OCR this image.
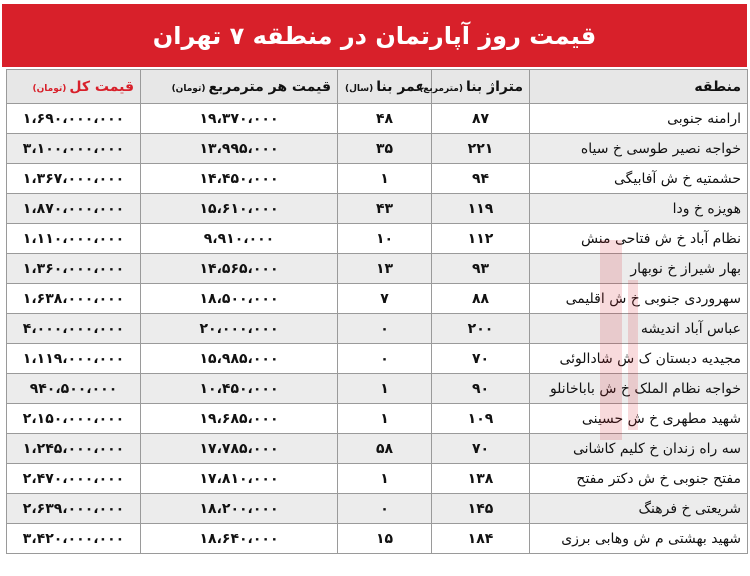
قیمت روز آپارتمان در منطقه ۷ تهران
منطقه	متراژ بنا(مترمربع)	عمر بنا(سال)	قیمت هر مترمربع(تومان)	قیمت کل(تومان)
ارامنه جنوبی	۸۷	۴۸	۱۹،۳۷۰،۰۰۰	۱،۶۹۰،۰۰۰،۰۰۰
خواجه نصیر طوسی خ سیاه	۲۲۱	۳۵	۱۳،۹۹۵،۰۰۰	۳،۱۰۰،۰۰۰،۰۰۰
حشمتیه خ ش آفابیگی	۹۴	۱	۱۴،۴۵۰،۰۰۰	۱،۳۶۷،۰۰۰،۰۰۰
هویزه خ ودا	۱۱۹	۴۳	۱۵،۶۱۰،۰۰۰	۱،۸۷۰،۰۰۰،۰۰۰
نظام آباد خ ش فتاحی منش	۱۱۲	۱۰	۹،۹۱۰،۰۰۰	۱،۱۱۰،۰۰۰،۰۰۰
بهار شیراز خ نوبهار	۹۳	۱۳	۱۴،۵۶۵،۰۰۰	۱،۳۶۰،۰۰۰،۰۰۰
سهروردی جنوبی خ ش اقلیمی	۸۸	۷	۱۸،۵۰۰،۰۰۰	۱،۶۳۸،۰۰۰،۰۰۰
عباس آباد اندیشه	۲۰۰	۰	۲۰،۰۰۰،۰۰۰	۴،۰۰۰،۰۰۰،۰۰۰
مجیدیه دبستان ک ش شادالوئی	۷۰	۰	۱۵،۹۸۵،۰۰۰	۱،۱۱۹،۰۰۰،۰۰۰
خواجه نظام الملک خ ش باباخانلو	۹۰	۱	۱۰،۴۵۰،۰۰۰	۹۴۰،۵۰۰،۰۰۰
شهید مطهری خ ش حسینی	۱۰۹	۱	۱۹،۶۸۵،۰۰۰	۲،۱۵۰،۰۰۰،۰۰۰
سه راه زندان خ کلیم کاشانی	۷۰	۵۸	۱۷،۷۸۵،۰۰۰	۱،۲۴۵،۰۰۰،۰۰۰
مفتح جنوبی خ ش دکتر مفتح	۱۳۸	۱	۱۷،۸۱۰،۰۰۰	۲،۴۷۰،۰۰۰،۰۰۰
شریعتی خ فرهنگ	۱۴۵	۰	۱۸،۲۰۰،۰۰۰	۲،۶۳۹،۰۰۰،۰۰۰
شهید بهشتی م ش وهابی برزی	۱۸۴	۱۵	۱۸،۶۴۰،۰۰۰	۳،۴۲۰،۰۰۰،۰۰۰
